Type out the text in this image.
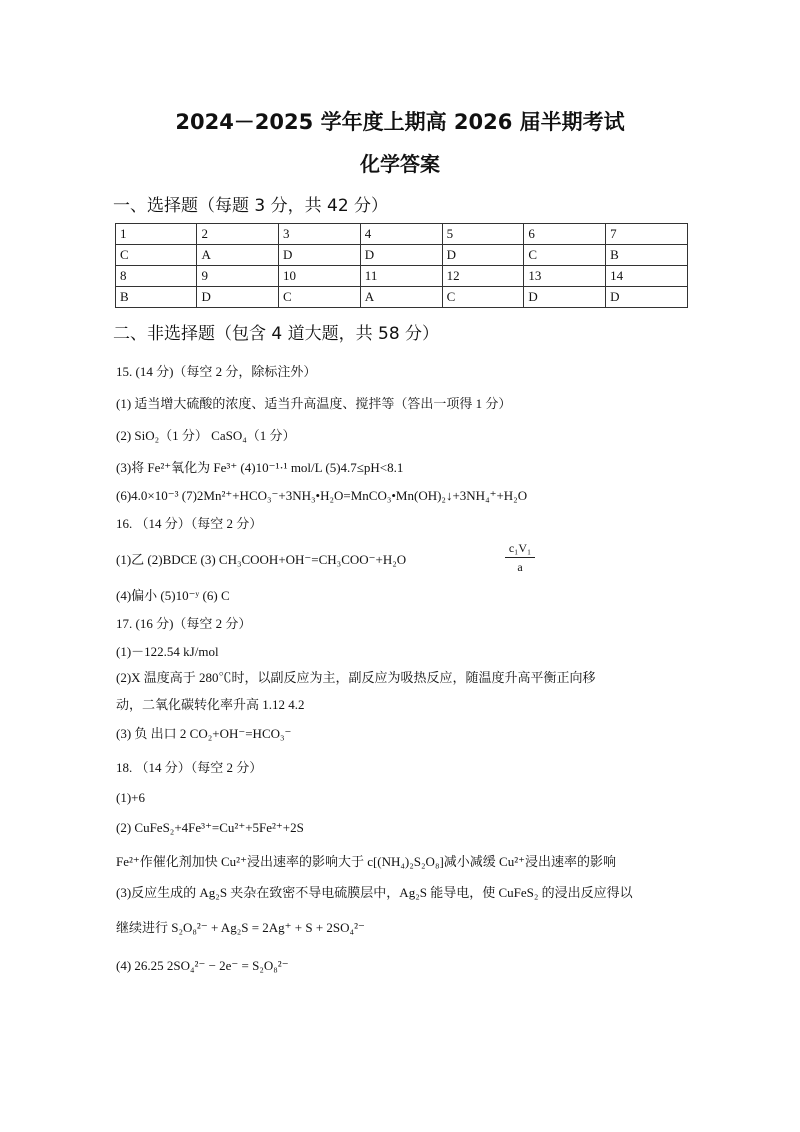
2024－2025 学年度上期高 2026 届半期考试
化学答案
一、选择题（每题 3 分，共 42 分）
1	2	3	4	5	6	7
C	A	D	D	D	C	B
8	9	10	11	12	13	14
B	D	C	A	C	D	D
二、非选择题（包含 4 道大题，共 58 分）
15. (14 分)（每空 2 分，除标注外）
(1) 适当增大硫酸的浓度、适当升高温度、搅拌等（答出一项得 1 分）
(2) SiO₂（1 分） CaSO₄（1 分）
(3)将 Fe²⁺氧化为 Fe³⁺ (4)10⁻¹·¹ mol/L (5)4.7≤pH<8.1
(6)4.0×10⁻³ (7)2Mn²⁺+HCO₃⁻+3NH₃•H₂O=MnCO₃•Mn(OH)₂↓+3NH₄⁺+H₂O
16. （14 分）（每空 2 分）
(1)乙 (2)BDCE (3) CH₃COOH+OH⁻=CH₃COO⁻+H₂O	$\frac{\text{c₁V₁}}{a}$
(4)偏小 (5)10⁻ʸ (6) C
17. (16 分)（每空 2 分）
(1)－122.54 kJ/mol
(2)X 温度高于 280℃时，以副反应为主，副反应为吸热反应，随温度升高平衡正向移
动，二氧化碳转化率升高 1.12 4.2
(3) 负 出口 2 CO₂+OH⁻=HCO₃⁻
18. （14 分）（每空 2 分）
(1)+6
(2) CuFeS₂+4Fe³⁺=Cu²⁺+5Fe²⁺+2S
Fe²⁺作催化剂加快 Cu²⁺浸出速率的影响大于 c[(NH₄)₂S₂O₈]减小减缓 Cu²⁺浸出速率的影响
(3)反应生成的 Ag₂S 夹杂在致密不导电硫膜层中，Ag₂S 能导电，使 CuFeS₂ 的浸出反应得以
继续进行 S₂O₈²⁻ + Ag₂S = 2Ag⁺ + S + 2SO₄²⁻
(4) 26.25 2SO₄²⁻ − 2e⁻ = S₂O₈²⁻
